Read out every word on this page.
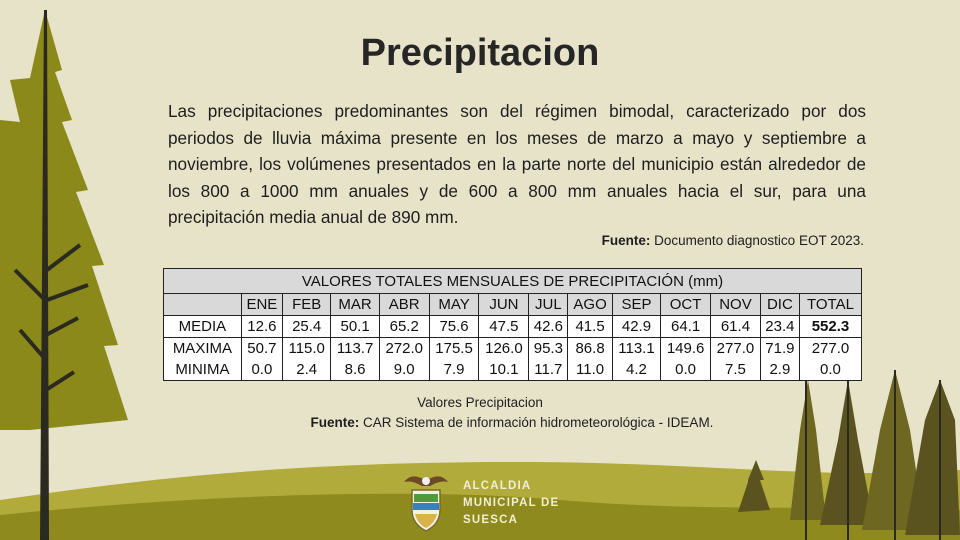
Precipitacion
Las precipitaciones predominantes son del régimen bimodal, caracterizado por dos periodos de lluvia máxima presente en los meses de marzo a mayo y septiembre a noviembre, los volúmenes presentados en la parte norte del municipio están alrededor de los 800 a 1000 mm anuales y de 600 a 800 mm anuales hacia el sur, para una precipitación media anual de 890 mm.
Fuente: Documento diagnostico EOT 2023.
VALORES TOTALES MENSUALES DE PRECIPITACIÓN (mm)													
	ENE	FEB	MAR	ABR	MAY	JUN	JUL	AGO	SEP	OCT	NOV	DIC	TOTAL
MEDIA	12.6	25.4	50.1	65.2	75.6	47.5	42.6	41.5	42.9	64.1	61.4	23.4	552.3
MAXIMA	50.7	115.0	113.7	272.0	175.5	126.0	95.3	86.8	113.1	149.6	277.0	71.9	277.0
MINIMA	0.0	2.4	8.6	9.0	7.9	10.1	11.7	11.0	4.2	0.0	7.5	2.9	0.0
Valores Precipitacion
Fuente: CAR Sistema de información hidrometeorológica - IDEAM.
ALCALDIA
MUNICIPAL DE
SUESCA
